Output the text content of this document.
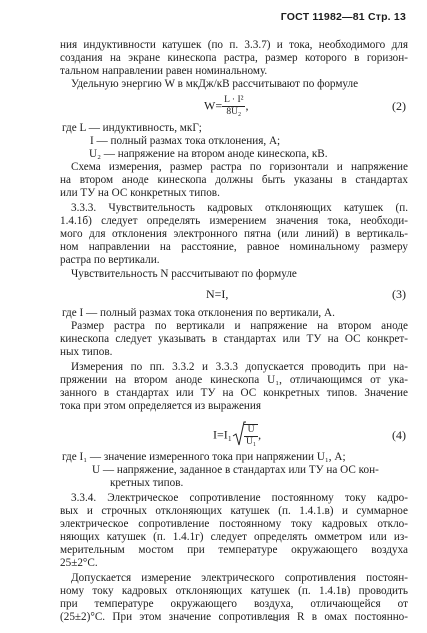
ГОСТ 11982—81 Стр. 13
ния индуктивности катушек (по п. 3.3.7) и тока, необходимого для
создания на экране кинескопа растра, размер которого в горизон-
тальном направлении равен номинальному.
Удельную энергию W в мкДж/кВ рассчитывают по формуле
$W= \frac{\text{L · I²}}{\text{8U₂}}$ ,	(2)
где L — индуктивность, мкГ;
I — полный размах тока отклонения, А;
U₂ — напряжение на втором аноде кинескопа, кВ.
Схема измерения, размер растра по горизонтали и напряжение
на втором аноде кинескопа должны быть указаны в стандартах
или ТУ на ОС конкретных типов.
3.3.3. Чувствительность кадровых отклоняющих катушек (п.
1.4.1б) следует определять измерением значения тока, необходи-
мого для отклонения электронного пятна (или линий) в вертикаль-
ном направлении на расстояние, равное номинальному размеру
растра по вертикали.
Чувствительность N рассчитывают по формуле
N=I,	(3)
где I — полный размах тока отклонения по вертикали, А.
Размер растра по вертикали и напряжение на втором аноде
кинескопа следует указывать в стандартах или ТУ на ОС конкрет-
ных типов.
Измерения по пп. 3.3.2 и 3.3.3 допускается проводить при на-
пряжении на втором аноде кинескопа U₁, отличающимся от ука-
занного в стандартах или ТУ на ОС конкретных типов. Значение
тока при этом определяется из выражения
$I=I_1 \frac{U}{\text{U₁}}$ ,	(4)
где I₁ — значение измеренного тока при напряжении U₁, А;
U — напряжение, заданное в стандартах или ТУ на ОС кон-
кретных типов.
3.3.4. Электрическое сопротивление постоянному току кадро-
вых и строчных отклоняющих катушек (п. 1.4.1.в) и суммарное
электрическое сопротивление постоянному току кадровых откло-
няющих катушек (п. 1.4.1г) следует определять омметром или из-
мерительным мостом при температуре окружающего воздуха
25±2°С.
Допускается измерение электрического сопротивления постоян-
ному току кадровых отклоняющих катушек (п. 1.4.1в) проводить
при температуре окружающего воздуха, отличающейся от
(25±2)°С. При этом значение сопротивления R в омах постоянно-
